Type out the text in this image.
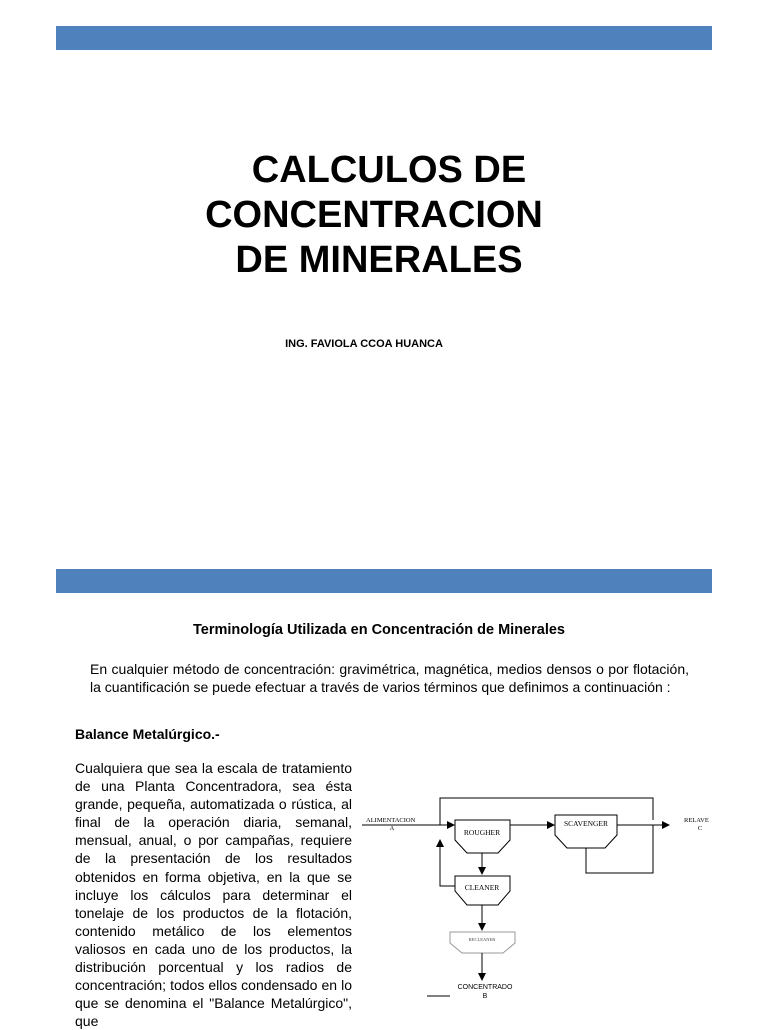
CALCULOS DE
CONCENTRACION
DE MINERALES
ING. FAVIOLA CCOA HUANCA
Terminología Utilizada en Concentración de Minerales
En cualquier método de concentración: gravimétrica, magnética, medios densos o por flotación, la cuantificación se puede efectuar a través de varios términos que definimos a continuación :
Balance Metalúrgico.-
Cualquiera que sea la escala de tratamiento de una Planta Concentradora, sea ésta grande, pequeña, automatizada o rústica, al final de la operación diaria, semanal, mensual, anual, o por campañas, requiere de la presentación de los resultados obtenidos en forma objetiva, en la que se incluye los cálculos para determinar el tonelaje de los productos de la flotación, contenido metálico de los elementos valiosos en cada uno de los productos, la distribución porcentual y los radios de concentración; todos ellos condensado en lo que se denomina el "Balance Metalúrgico", que
ROUGHER
SCAVENGER
CLEANER
RECLEANER
ALIMENTACION
A
RELAVE
C
CONCENTRADO
B
